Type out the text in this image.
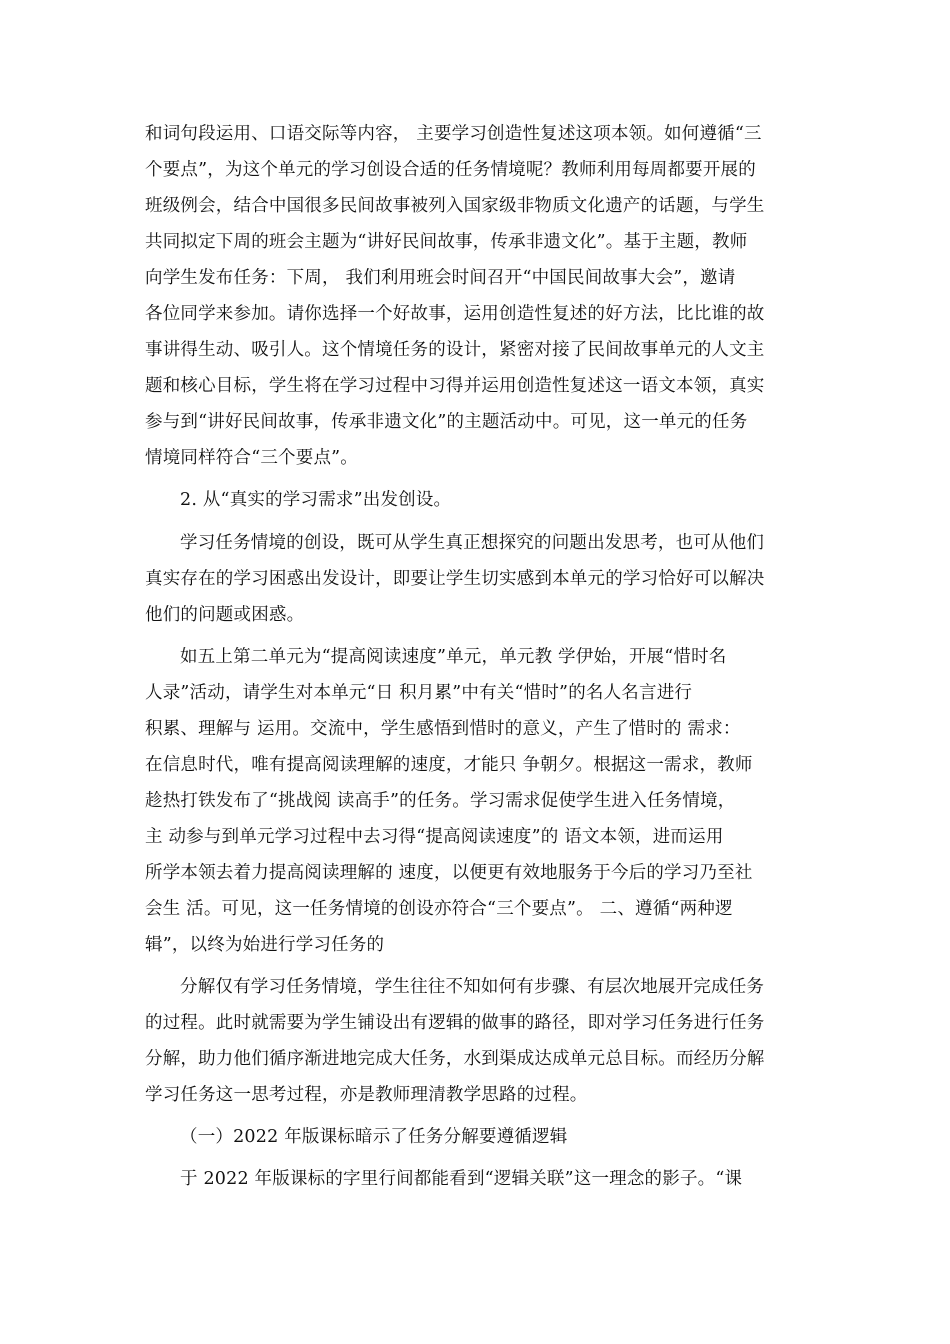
和词句段运用、口语交际等内容， 主要学习创造性复述这项本领。如何遵循“三
个要点”，为这个单元的学习创设合适的任务情境呢？教师利用每周都要开展的
班级例会，结合中国很多民间故事被列入国家级非物质文化遗产的话题，与学生
共同拟定下周的班会主题为“讲好民间故事，传承非遗文化”。基于主题，教师
向学生发布任务：下周， 我们利用班会时间召开“中国民间故事大会”，邀请
各位同学来参加。请你选择一个好故事，运用创造性复述的好方法，比比谁的故
事讲得生动、吸引人。这个情境任务的设计，紧密对接了民间故事单元的人文主
题和核心目标，学生将在学习过程中习得并运用创造性复述这一语文本领，真实
参与到“讲好民间故事，传承非遗文化”的主题活动中。可见，这一单元的任务
情境同样符合“三个要点”。
2. 从“真实的学习需求”出发创设。
学习任务情境的创设，既可从学生真正想探究的问题出发思考，也可从他们
真实存在的学习困惑出发设计，即要让学生切实感到本单元的学习恰好可以解决
他们的问题或困惑。
如五上第二单元为“提高阅读速度”单元，单元教 学伊始，开展“惜时名
人录”活动，请学生对本单元“日 积月累”中有关“惜时”的名人名言进行
积累、理解与 运用。交流中，学生感悟到惜时的意义，产生了惜时的 需求：
在信息时代，唯有提高阅读理解的速度，才能只 争朝夕。根据这一需求，教师
趁热打铁发布了“挑战阅 读高手”的任务。学习需求促使学生进入任务情境，
主 动参与到单元学习过程中去习得“提高阅读速度”的 语文本领，进而运用
所学本领去着力提高阅读理解的 速度，以便更有效地服务于今后的学习乃至社
会生 活。可见，这一任务情境的创设亦符合“三个要点”。 二、遵循“两种逻
辑”，以终为始进行学习任务的
分解仅有学习任务情境，学生往往不知如何有步骤、有层次地展开完成任务
的过程。此时就需要为学生铺设出有逻辑的做事的路径，即对学习任务进行任务
分解，助力他们循序渐进地完成大任务，水到渠成达成单元总目标。而经历分解
学习任务这一思考过程，亦是教师理清教学思路的过程。
（一）2022 年版课标暗示了任务分解要遵循逻辑
于 2022 年版课标的字里行间都能看到“逻辑关联”这一理念的影子。“课
